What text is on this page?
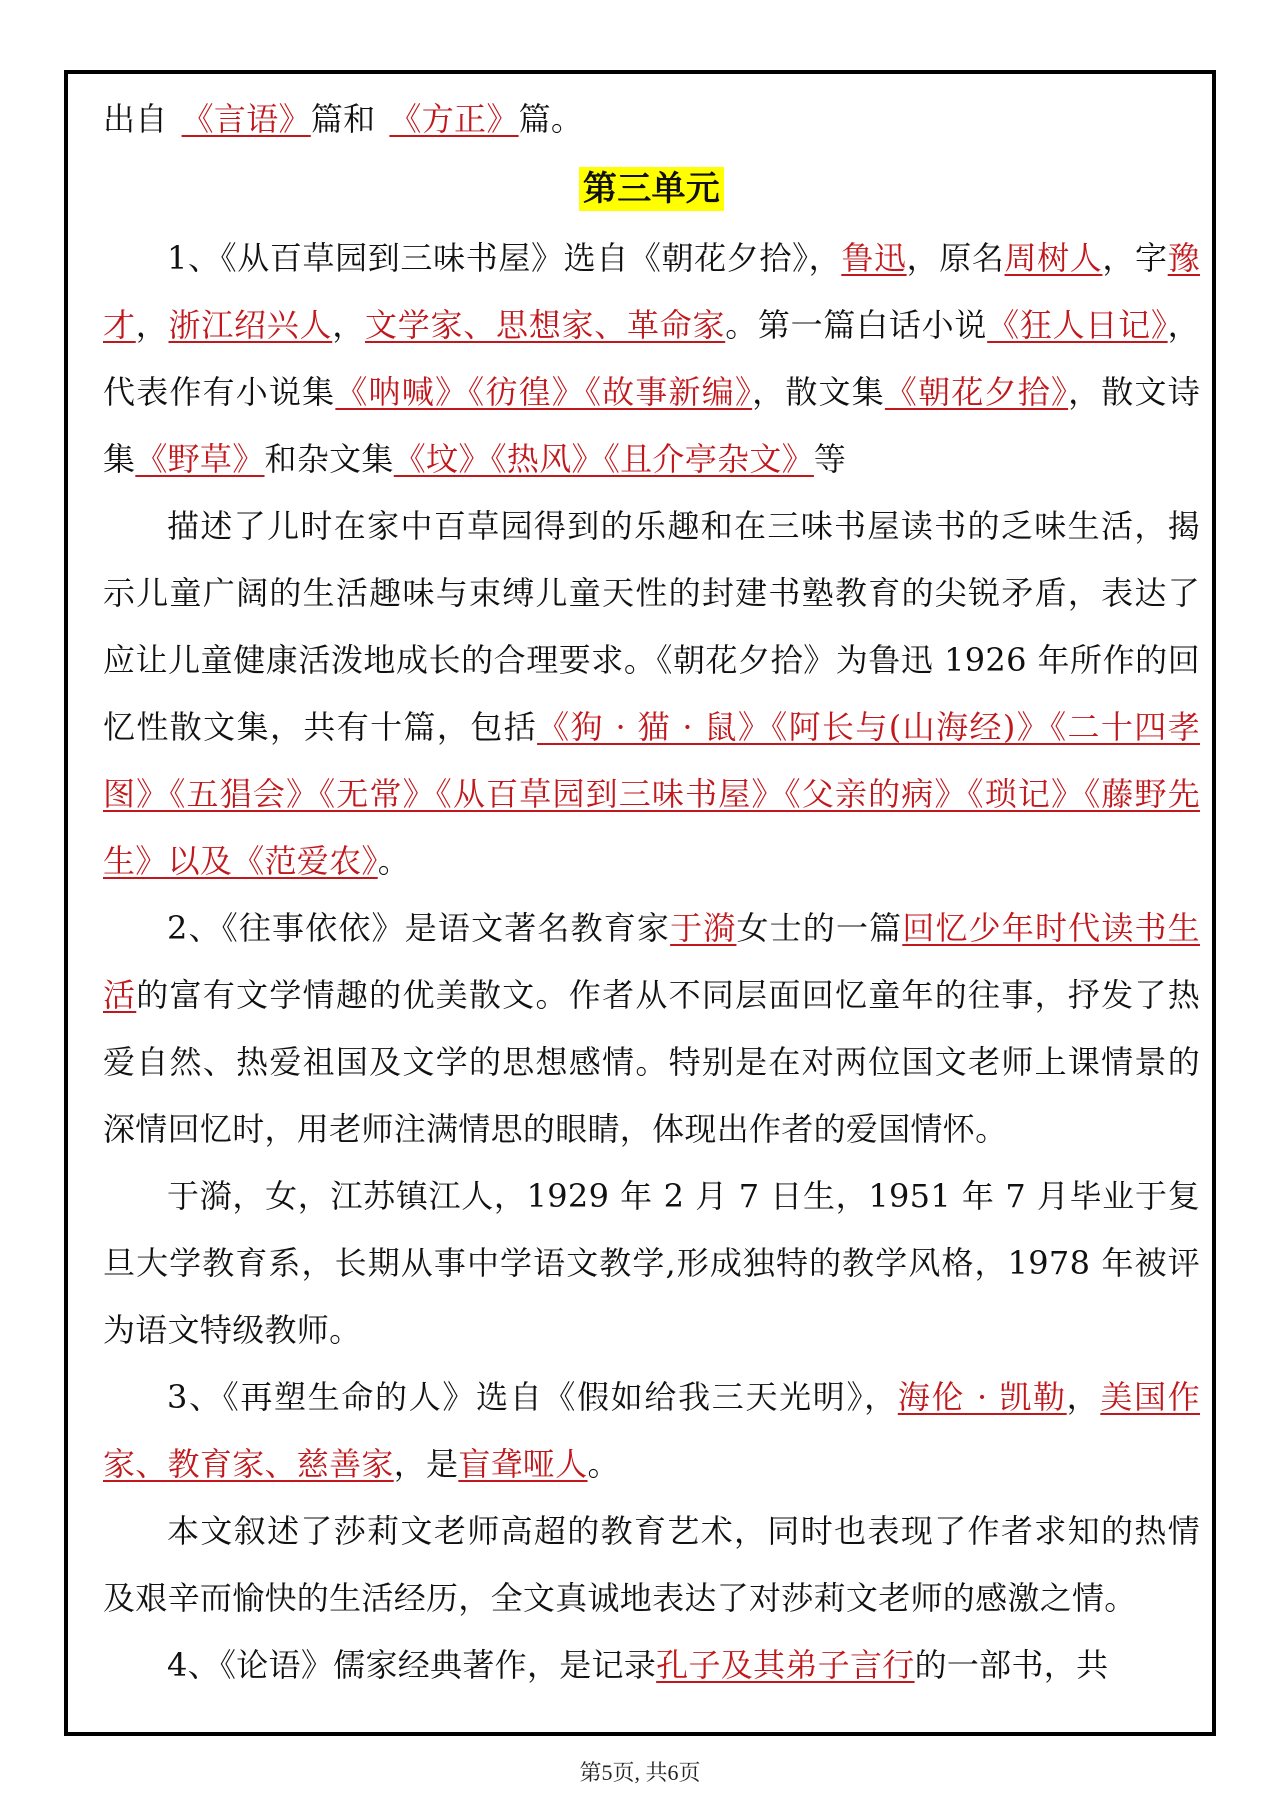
出自 《言语》篇和 《方正》篇。

第三单元

1、《从百草园到三味书屋》选自《朝花夕拾》，鲁迅，原名周树人，字豫才，浙江绍兴人，文学家、思想家、革命家。第一篇白话小说《狂人日记》，代表作有小说集《呐喊》《彷徨》《故事新编》，散文集《朝花夕拾》，散文诗集《野草》和杂文集《坟》《热风》《且介亭杂文》等

描述了儿时在家中百草园得到的乐趣和在三味书屋读书的乏味生活，揭示儿童广阔的生活趣味与束缚儿童天性的封建书塾教育的尖锐矛盾，表达了应让儿童健康活泼地成长的合理要求。《朝花夕拾》为鲁迅 1926 年所作的回忆性散文集，共有十篇，包括《狗 · 猫 · 鼠》《阿长与(山海经)》《二十四孝图》《五猖会》《无常》《从百草园到三味书屋》《父亲的病》《琐记》《藤野先生》以及《范爱农》。

2、《往事依依》是语文著名教育家于漪女士的一篇回忆少年时代读书生活的富有文学情趣的优美散文。作者从不同层面回忆童年的往事，抒发了热爱自然、热爱祖国及文学的思想感情。特别是在对两位国文老师上课情景的深情回忆时，用老师注满情思的眼睛，体现出作者的爱国情怀。

于漪，女，江苏镇江人，1929 年 2 月 7 日生，1951 年 7 月毕业于复旦大学教育系，长期从事中学语文教学,形成独特的教学风格，1978 年被评为语文特级教师。

3、《再塑生命的人》选自《假如给我三天光明》，海伦 · 凯勒，美国作家、教育家、慈善家，是盲聋哑人。

本文叙述了莎莉文老师高超的教育艺术，同时也表现了作者求知的热情及艰辛而愉快的生活经历，全文真诚地表达了对莎莉文老师的感激之情。

4、《论语》儒家经典著作，是记录孔子及其弟子言行的一部书，共

第5页, 共6页
